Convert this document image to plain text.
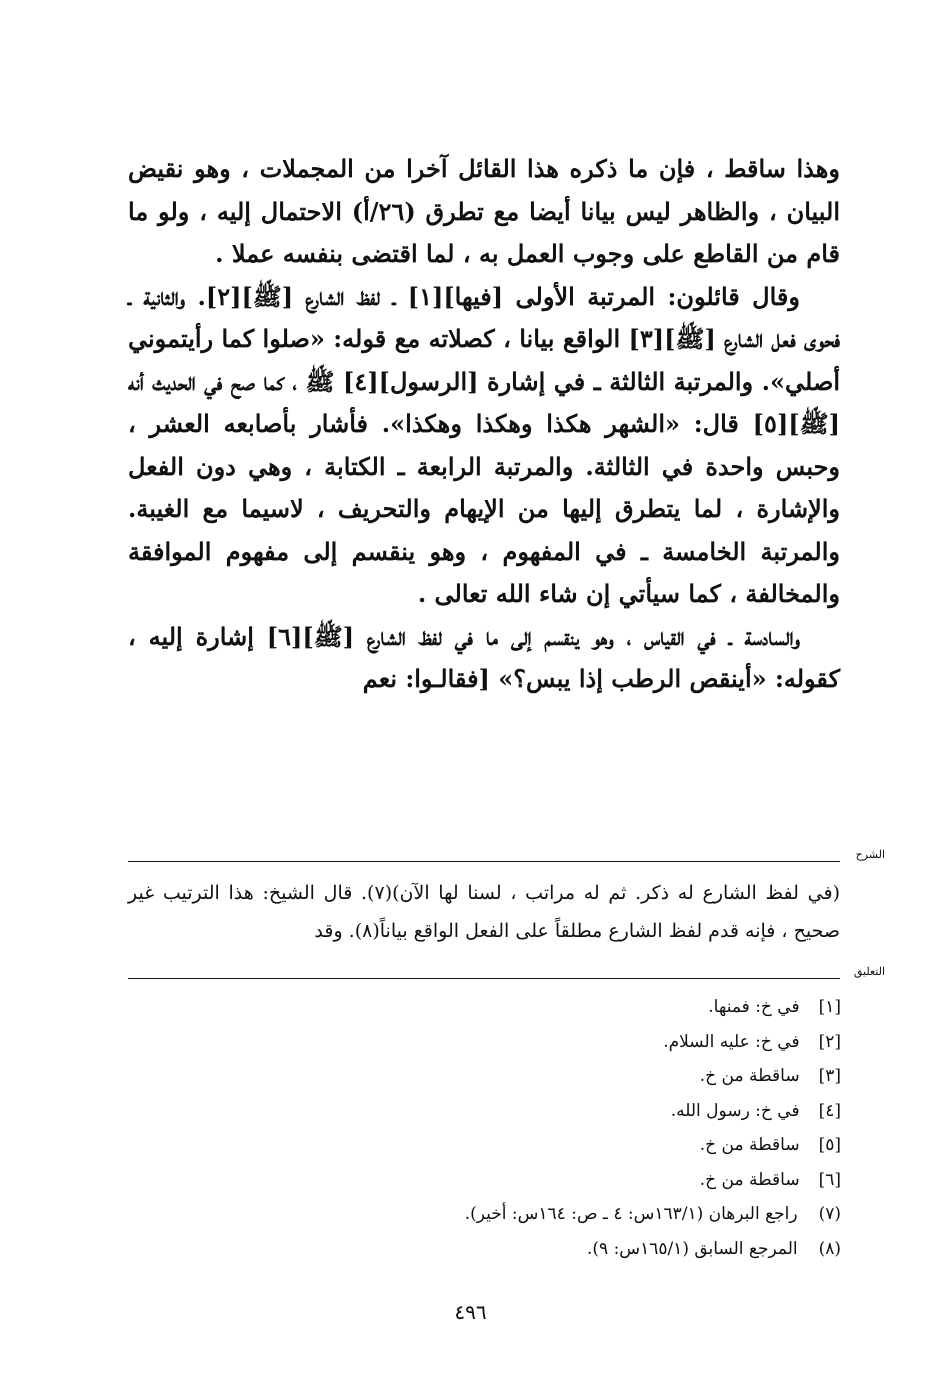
وهذا ساقط ، فإن ما ذكره هذا القائل آخرا من المجملات ، وهو نقيض البيان ، والظاهر ليس بيانا أيضا مع تطرق (٢٦/أ) الاحتمال إليه ، ولو ما قام من القاطع على وجوب العمل به ، لما اقتضى بنفسه عملا .

وقال قائلون: المرتبة الأولى [فيها][١] ـ لفظ الشارع [ﷺ][٢]. والثانية ـ فحوى فعل الشارع [ﷺ][٣] الواقع بيانا ، كصلاته مع قوله: «صلوا كما رأيتموني أصلي». والمرتبة الثالثة ـ في إشارة [الرسول][٤] ﷺ ، كما صح في الحديث أنه [ﷺ][٥] قال: «الشهر هكذا وهكذا وهكذا». فأشار بأصابعه العشر ، وحبس واحدة في الثالثة. والمرتبة الرابعة ـ الكتابة ، وهي دون الفعل والإشارة ، لما يتطرق إليها من الإيهام والتحريف ، لاسيما مع الغيبة. والمرتبة الخامسة ـ في المفهوم ، وهو ينقسم إلى مفهوم الموافقة والمخالفة ، كما سيأتي إن شاء الله تعالى .

والسادسة ـ في القياس ، وهو ينقسم إلى ما في لفظ الشارع [ﷺ][٦] إشارة إليه ، كقوله: «أينقص الرطب إذا يبس؟» [فقالـوا: نعم

الشرح

(في لفظ الشارع له ذكر. ثم له مراتب ، لسنا لها الآن)(٧). قال الشيخ: هذا الترتيب غير صحيح ، فإنه قدم لفظ الشارع مطلقاً على الفعل الواقع بياناً(٨). وقد

التعليق
[١] في خ: فمنها.
[٢] في خ: عليه السلام.
[٣] ساقطة من خ.
[٤] في خ: رسول الله.
[٥] ساقطة من خ.
[٦] ساقطة من خ.
(٧) راجع البرهان (١٦٣/١س: ٤ ـ ص: ١٦٤س: أخير).
(٨) المرجع السابق (١٦٥/١س: ٩).
٤٩٦
